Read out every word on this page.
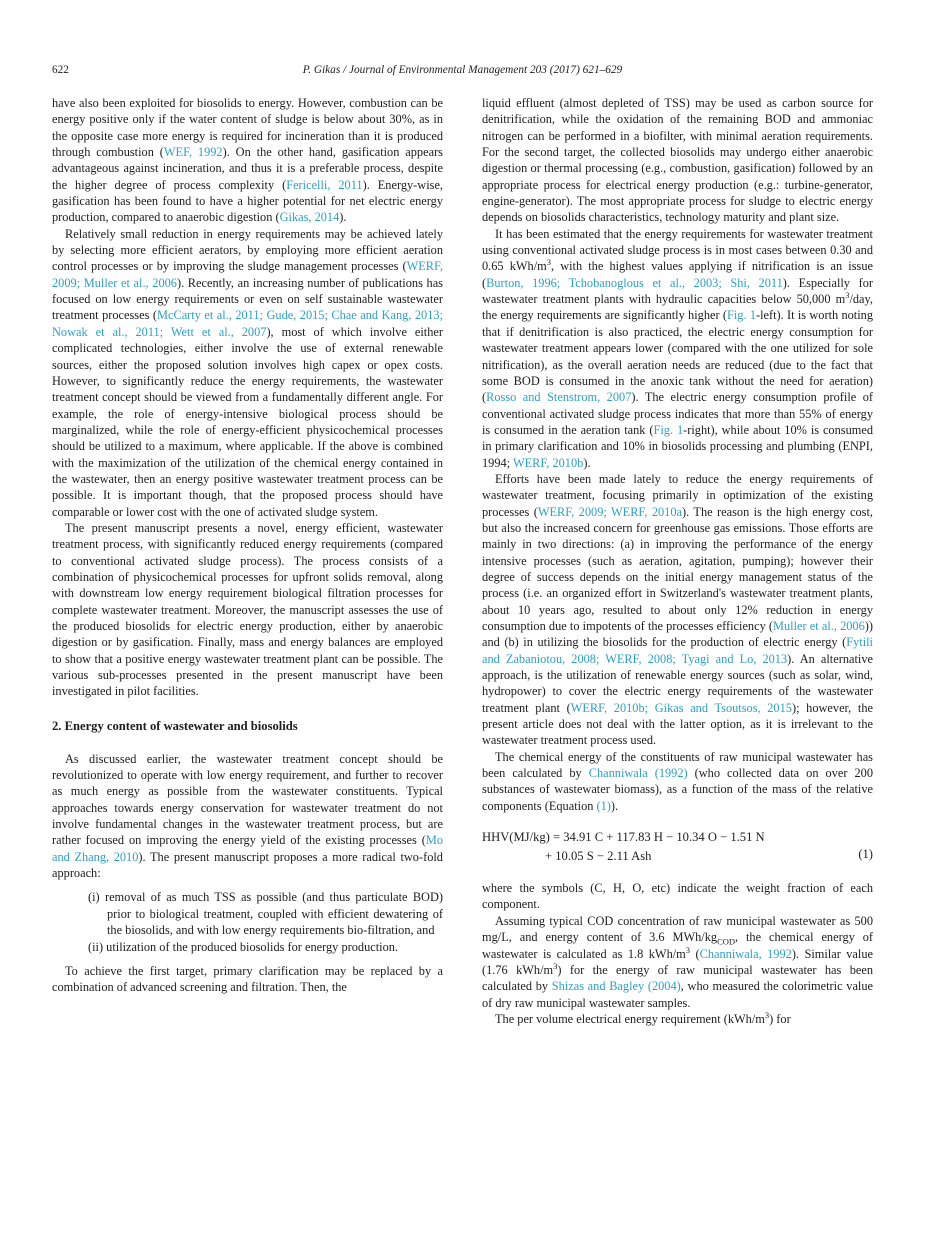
622	P. Gikas / Journal of Environmental Management 203 (2017) 621–629

have also been exploited for biosolids to energy. However, combustion can be energy positive only if the water content of sludge is below about 30%, as in the opposite case more energy is required for incineration than it is produced through combustion (WEF, 1992). On the other hand, gasification appears advantageous against incineration, and thus it is a preferable process, despite the higher degree of process complexity (Fericelli, 2011). Energy-wise, gasification has been found to have a higher potential for net electric energy production, compared to anaerobic digestion (Gikas, 2014).

Relatively small reduction in energy requirements may be achieved lately by selecting more efficient aerators, by employing more efficient aeration control processes or by improving the sludge management processes (WERF, 2009; Muller et al., 2006). Recently, an increasing number of publications has focused on low energy requirements or even on self sustainable wastewater treatment processes (McCarty et al., 2011; Gude, 2015; Chae and Kang, 2013; Nowak et al., 2011; Wett et al., 2007), most of which involve either complicated technologies, either involve the use of external renewable sources, either the proposed solution involves high capex or opex costs. However, to significantly reduce the energy requirements, the wastewater treatment concept should be viewed from a fundamentally different angle. For example, the role of energy-intensive biological process should be marginalized, while the role of energy-efficient physicochemical processes should be utilized to a maximum, where applicable. If the above is combined with the maximization of the utilization of the chemical energy contained in the wastewater, then an energy positive wastewater treatment process can be possible. It is important though, that the proposed process should have comparable or lower cost with the one of activated sludge system.

The present manuscript presents a novel, energy efficient, wastewater treatment process, with significantly reduced energy requirements (compared to conventional activated sludge process). The process consists of a combination of physicochemical processes for upfront solids removal, along with downstream low energy requirement biological filtration processes for complete wastewater treatment. Moreover, the manuscript assesses the use of the produced biosolids for electric energy production, either by anaerobic digestion or by gasification. Finally, mass and energy balances are employed to show that a positive energy wastewater treatment plant can be possible. The various sub-processes presented in the present manuscript have been investigated in pilot facilities.

2. Energy content of wastewater and biosolids

As discussed earlier, the wastewater treatment concept should be revolutionized to operate with low energy requirement, and further to recover as much energy as possible from the wastewater constituents. Typical approaches towards energy conservation for wastewater treatment do not involve fundamental changes in the wastewater treatment process, but are rather focused on improving the energy yield of the existing processes (Mo and Zhang, 2010). The present manuscript proposes a more radical two-fold approach:

(i) removal of as much TSS as possible (and thus particulate BOD) prior to biological treatment, coupled with efficient dewatering of the biosolids, and with low energy requirements bio-filtration, and

(ii) utilization of the produced biosolids for energy production.

To achieve the first target, primary clarification may be replaced by a combination of advanced screening and filtration. Then, the

liquid effluent (almost depleted of TSS) may be used as carbon source for denitrification, while the oxidation of the remaining BOD and ammoniac nitrogen can be performed in a biofilter, with minimal aeration requirements. For the second target, the collected biosolids may undergo either anaerobic digestion or thermal processing (e.g., combustion, gasification) followed by an appropriate process for electrical energy production (e.g.: turbine-generator, engine-generator). The most appropriate process for sludge to electric energy depends on biosolids characteristics, technology maturity and plant size.

It has been estimated that the energy requirements for wastewater treatment using conventional activated sludge process is in most cases between 0.30 and 0.65 kWh/$m^3$, with the highest values applying if nitrification is an issue (Burton, 1996; Tchobanoglous et al., 2003; Shi, 2011). Especially for wastewater treatment plants with hydraulic capacities below 50,000 $m^3$/day, the energy requirements are significantly higher (Fig. 1-left). It is worth noting that if denitrification is also practiced, the electric energy consumption for wastewater treatment appears lower (compared with the one utilized for sole nitrification), as the overall aeration needs are reduced (due to the fact that some BOD is consumed in the anoxic tank without the need for aeration) (Rosso and Stenstrom, 2007). The electric energy consumption profile of conventional activated sludge process indicates that more than 55% of energy is consumed in the aeration tank (Fig. 1-right), while about 10% is consumed in primary clarification and 10% in biosolids processing and plumbing (ENPI, 1994; WERF, 2010b).

Efforts have been made lately to reduce the energy requirements of wastewater treatment, focusing primarily in optimization of the existing processes (WERF, 2009; WERF, 2010a). The reason is the high energy cost, but also the increased concern for greenhouse gas emissions. Those efforts are mainly in two directions: (a) in improving the performance of the energy intensive processes (such as aeration, agitation, pumping); however their degree of success depends on the initial energy management status of the process (i.e. an organized effort in Switzerland's wastewater treatment plants, about 10 years ago, resulted to about only 12% reduction in energy consumption due to impotents of the processes efficiency (Muller et al., 2006)) and (b) in utilizing the biosolids for the production of electric energy (Fytili and Zabaniotou, 2008; WERF, 2008; Tyagi and Lo, 2013). An alternative approach, is the utilization of renewable energy sources (such as solar, wind, hydropower) to cover the electric energy requirements of the wastewater treatment plant (WERF, 2010b; Gikas and Tsoutsos, 2015); however, the present article does not deal with the latter option, as it is irrelevant to the wastewater treatment process used.

The chemical energy of the constituents of raw municipal wastewater has been calculated by Channiwala (1992) (who collected data on over 200 substances of wastewater biomass), as a function of the mass of the relative components (Equation (1)).

HHV(MJ/kg) = 34.91 C + 117.83 H − 10.34 O − 1.51 N
+ 10.05 S − 2.11 Ash	(1)

where the symbols (C, H, O, etc) indicate the weight fraction of each component.

Assuming typical COD concentration of raw municipal wastewater as 500 mg/L, and energy content of 3.6 MWh/$kg_{COD}$, the chemical energy of wastewater is calculated as 1.8 kWh/$m^3$ (Channiwala, 1992). Similar value (1.76 kWh/$m^3$) for the energy of raw municipal wastewater has been calculated by Shizas and Bagley (2004), who measured the colorimetric value of dry raw municipal wastewater samples.

The per volume electrical energy requirement $(kWh/m^3)$ for
